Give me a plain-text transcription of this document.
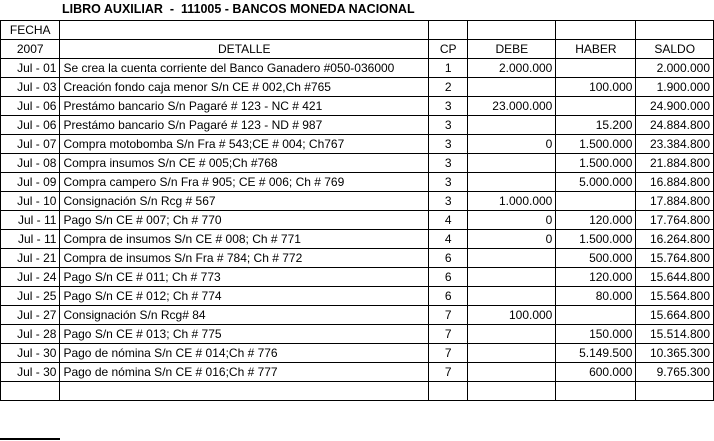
LIBRO AUXILIAR  -  111005 - BANCOS MONEDA NACIONAL
FECHA					
2007	DETALLE	CP	DEBE	HABER	SALDO
Jul - 01	Se crea la cuenta corriente del Banco Ganadero #050-036000	1	2.000.000		2.000.000
Jul - 03	Creación fondo caja menor S/n CE # 002,Ch #765	2		100.000	1.900.000
Jul - 06	Prestámo bancario S/n Pagaré # 123 - NC # 421	3	23.000.000		24.900.000
Jul - 06	Prestámo bancario S/n Pagaré # 123 - ND # 987	3		15.200	24.884.800
Jul - 07	Compra motobomba S/n Fra # 543;CE # 004; Ch767	3	0	1.500.000	23.384.800
Jul - 08	Compra insumos S/n CE # 005;Ch #768	3		1.500.000	21.884.800
Jul - 09	Compra campero S/n Fra # 905; CE # 006; Ch # 769	3		5.000.000	16.884.800
Jul - 10	Consignación S/n Rcg # 567	3	1.000.000		17.884.800
Jul - 11	Pago S/n CE # 007; Ch # 770	4	0	120.000	17.764.800
Jul - 11	Compra de insumos S/n CE # 008; Ch # 771	4	0	1.500.000	16.264.800
Jul - 21	Compra de insumos S/n Fra # 784; Ch # 772	6		500.000	15.764.800
Jul - 24	Pago S/n CE # 011; Ch # 773	6		120.000	15.644.800
Jul - 25	Pago S/n CE # 012; Ch # 774	6		80.000	15.564.800
Jul - 27	Consignación S/n Rcg# 84	7	100.000		15.664.800
Jul - 28	Pago S/n CE # 013; Ch # 775	7		150.000	15.514.800
Jul - 30	Pago de nómina S/n CE # 014;Ch # 776	7		5.149.500	10.365.300
Jul - 30	Pago de nómina S/n CE # 016;Ch # 777	7		600.000	9.765.300
